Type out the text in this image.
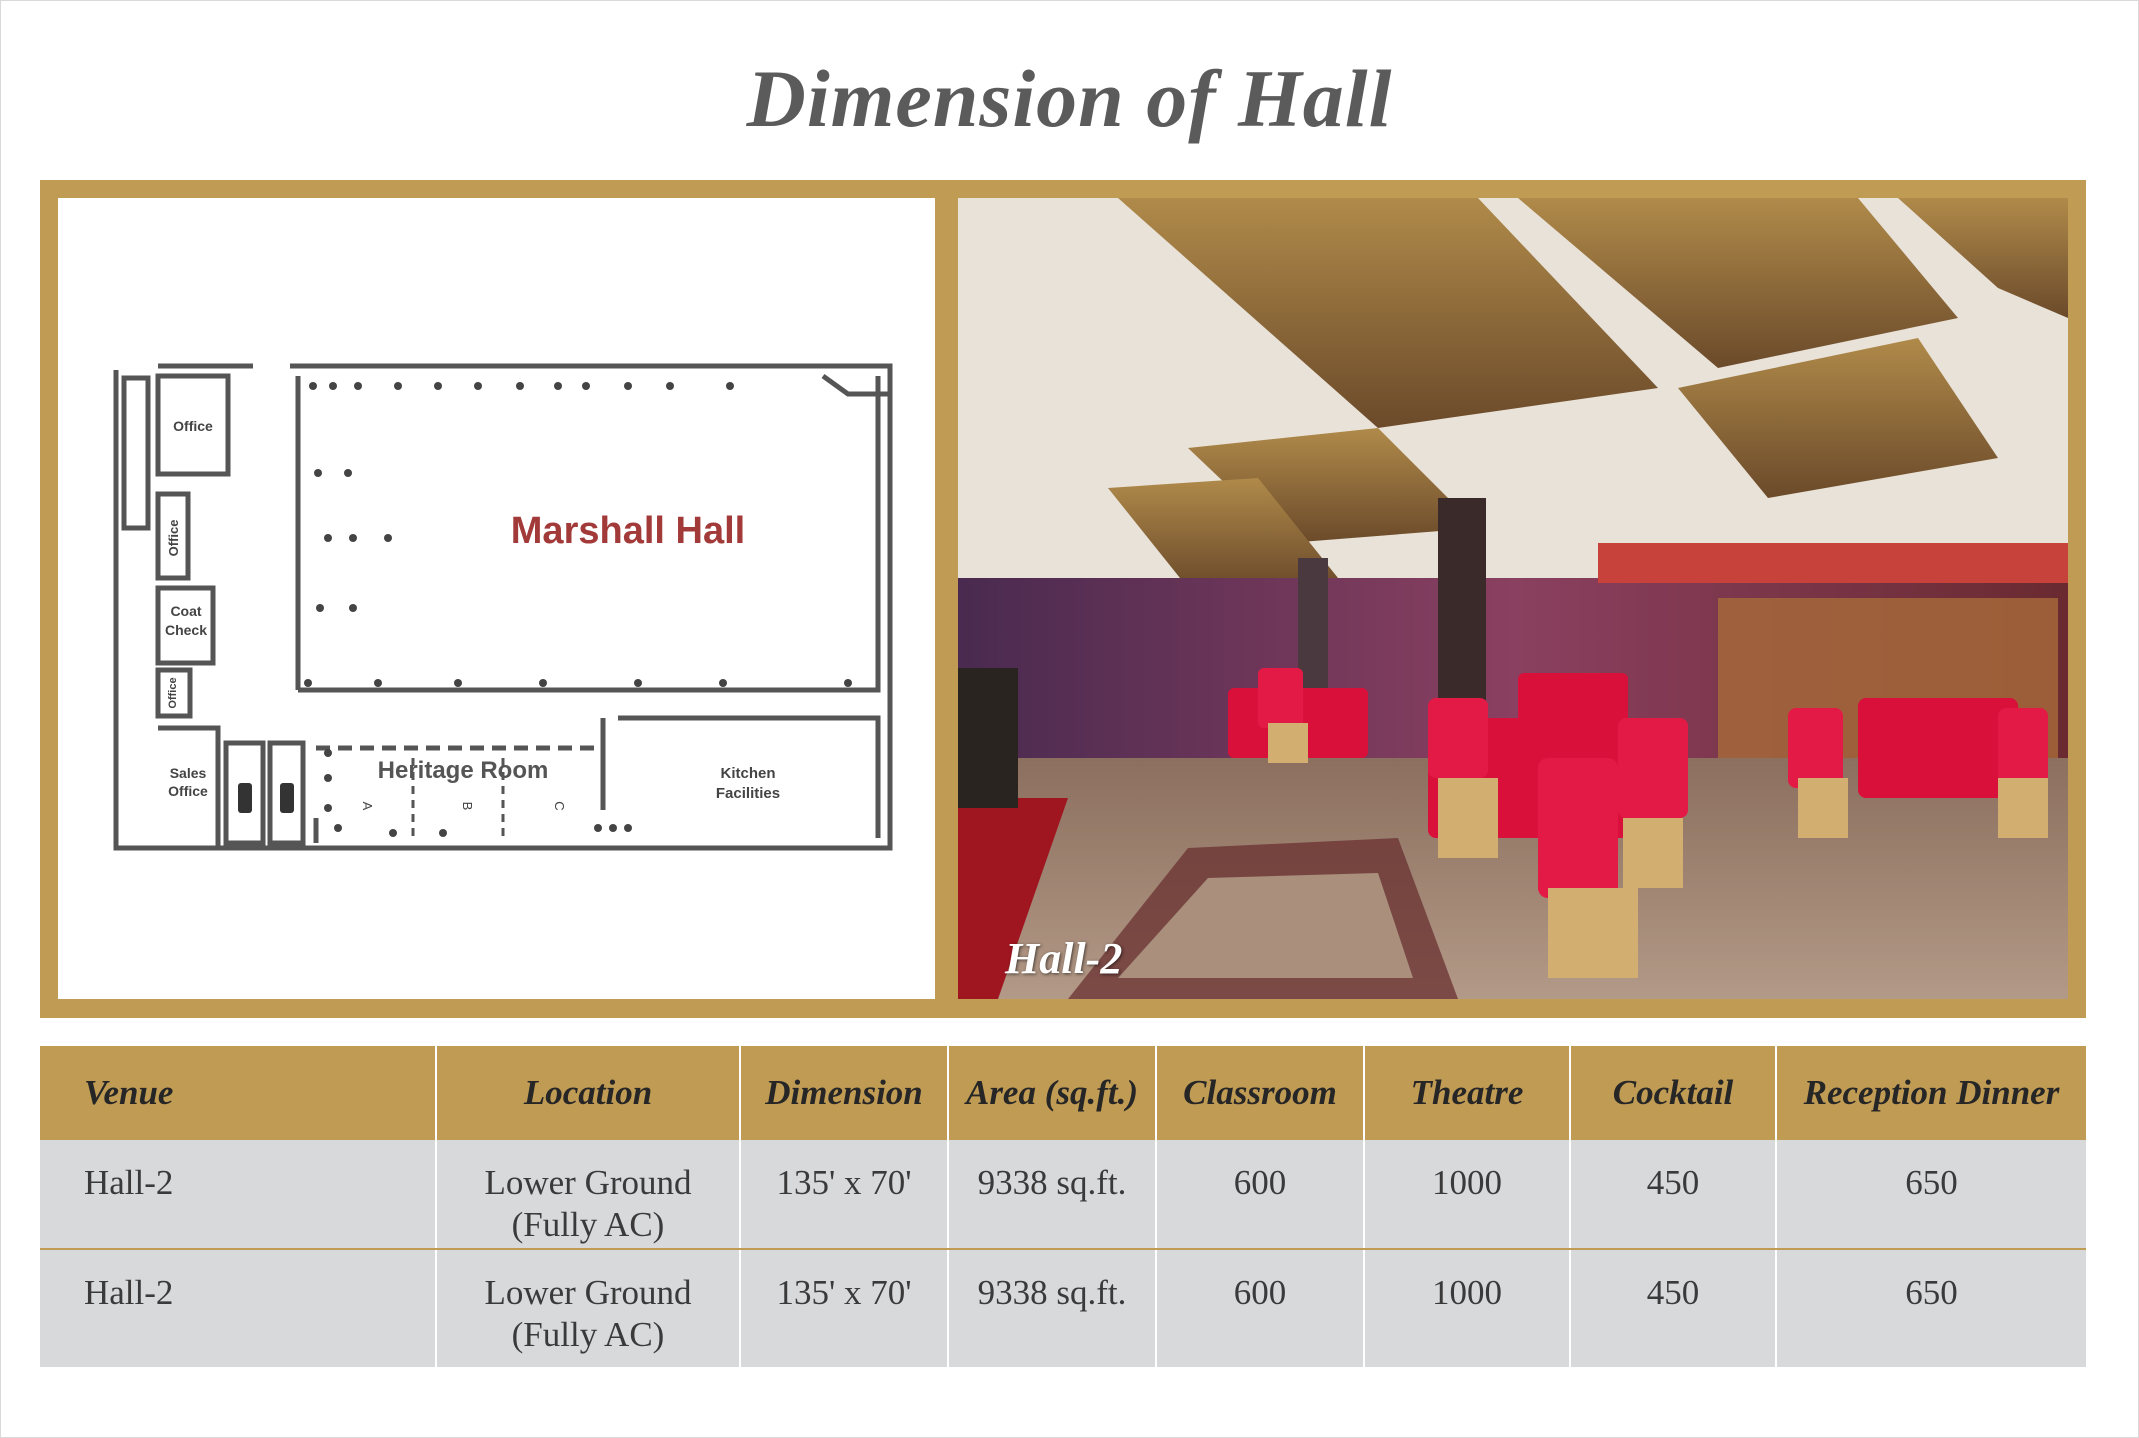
Dimension of Hall
Marshall Hall
Office
Office
Coat
Check
Office
Sales
Office
Heritage Room	Kitchen
Facilities
A	B	C
Hall-2
Venue	Location	Dimension	Area (sq.ft.)	Classroom	Theatre	Cocktail	Reception Dinner
Hall-2	Lower Ground
(Fully AC)	135' x 70'	9338 sq.ft.	600	1000	450	650
Hall-2	Lower Ground
(Fully AC)	135' x 70'	9338 sq.ft.	600	1000	450	650
